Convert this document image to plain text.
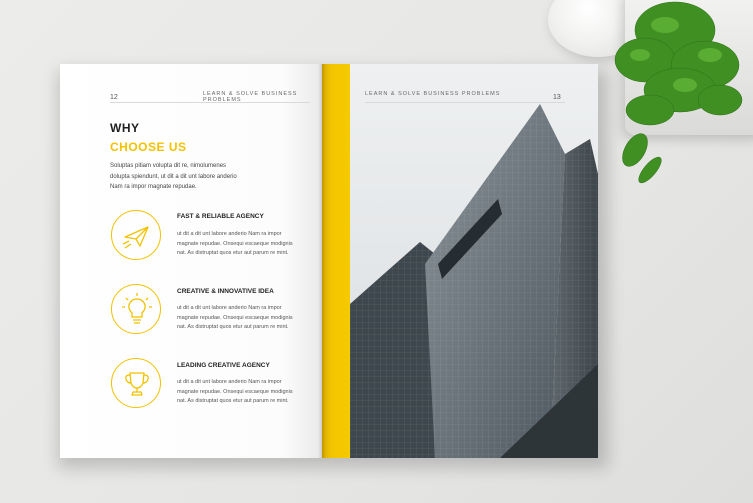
12	LEARN & SOLVE BUSINESS PROBLEMS
WHY
CHOOSE US
Soluptas pitiam volupta dit re, nimolumenes
dolupta spiendunt, ut dit a dit unt labore anderio
Nam ra impor magnate repudae.
FAST & RELIABLE AGENCY
ut dit a dit unt labore anderio Nam ra impor
magnate repudae. Onsequi escaeque modignis
nat. As distruptat quos etur aut parum re mint.
CREATIVE & INNOVATIVE IDEA
ut dit a dit unt labore anderio Nam ra impor
magnate repudae. Onsequi escaeque modignis
nat. As distruptat quos etur aut parum re mint.
LEADING CREATIVE AGENCY
ut dit a dit unt labore anderio Nam ra impor
magnate repudae. Onsequi escaeque modignis
nat. As distruptat quos etur aut parum re mint.
13
LEARN & SOLVE BUSINESS PROBLEMS
